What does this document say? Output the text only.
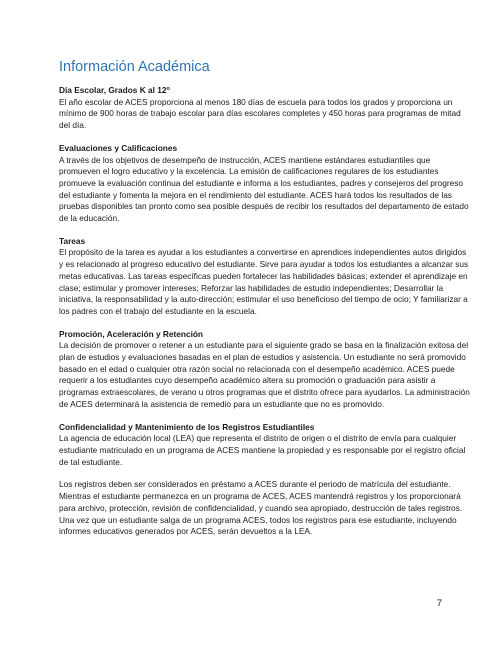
Información Académica
Día Escolar, Grados K al 12$^o$

El año escolar de ACES proporciona al menos 180 días de escuela para todos los grados y proporciona un mínimo de 900 horas de trabajo escolar para días escolares completes y 450 horas para programas de mitad del día.

Evaluaciones y Calificaciones

A través de los objetivos de desempeño de instrucción, ACES mantiene estándares estudiantiles que promueven el logro educativo y la excelencia. La emisión de calificaciones regulares de los estudiantes promueve la evaluación continua del estudiante e informa a los estudiantes, padres y consejeros del progreso del estudiante y fomenta la mejora en el rendimiento del estudiante. ACES hará todos los resultados de las pruebas disponibles tan pronto como sea posible después de recibir los resultados del departamento de estado de la educación.

Tareas

El propósito de la tarea es ayudar a los estudiantes a convertirse en aprendices independientes autos dirigidos y es relacionado al progreso educativo del estudiante. Sirve para ayudar a todos los estudiantes a alcanzar sus metas educativas. Las tareas específicas pueden fortalecer las habilidades básicas; extender el aprendizaje en clase; estimular y promover intereses; Reforzar las habilidades de estudio independientes; Desarrollar la iniciativa, la responsabilidad y la auto-dirección; estimular el uso beneficioso del tiempo de ocio; Y familiarizar a los padres con el trabajo del estudiante en la escuela.

Promoción, Aceleración y Retención

La decisión de promover o retener a un estudiante para el siguiente grado se basa en la finalización exitosa del plan de estudios y evaluaciones basadas en el plan de estudios y asistencia. Un estudiante no será promovido basado en el edad o cualquier otra razón social no relacionada con el desempeño académico. ACES puede requerir a los estudiantes cuyo desempeño académico altera su promoción o graduación para asistir a programas extraescolares, de verano u otros programas que el distrito ofrece para ayudarlos. La administración de ACES determinará la asistencia de remedio para un estudiante que no es promovido.

Confidencialidad y Mantenimiento de los Registros Estudiantiles

La agencia de educación local (LEA) que representa el distrito de origen o el distrito de envía para cualquier estudiante matriculado en un programa de ACES mantiene la propiedad y es responsable por el registro oficial de tal estudiante.

Los registros deben ser considerados en préstamo a ACES durante el periodo de matrícula del estudiante. Mientras el estudiante permanezca en un programa de ACES, ACES mantendrá registros y los proporcionará para archivo, protección, revisión de confidencialidad, y cuando sea apropiado, destrucción de tales registros. Una vez que un estudiante salga de un programa ACES, todos los registros para ese estudiante, incluyendo informes educativos generados por ACES, serán devueltos a la LEA.

7
